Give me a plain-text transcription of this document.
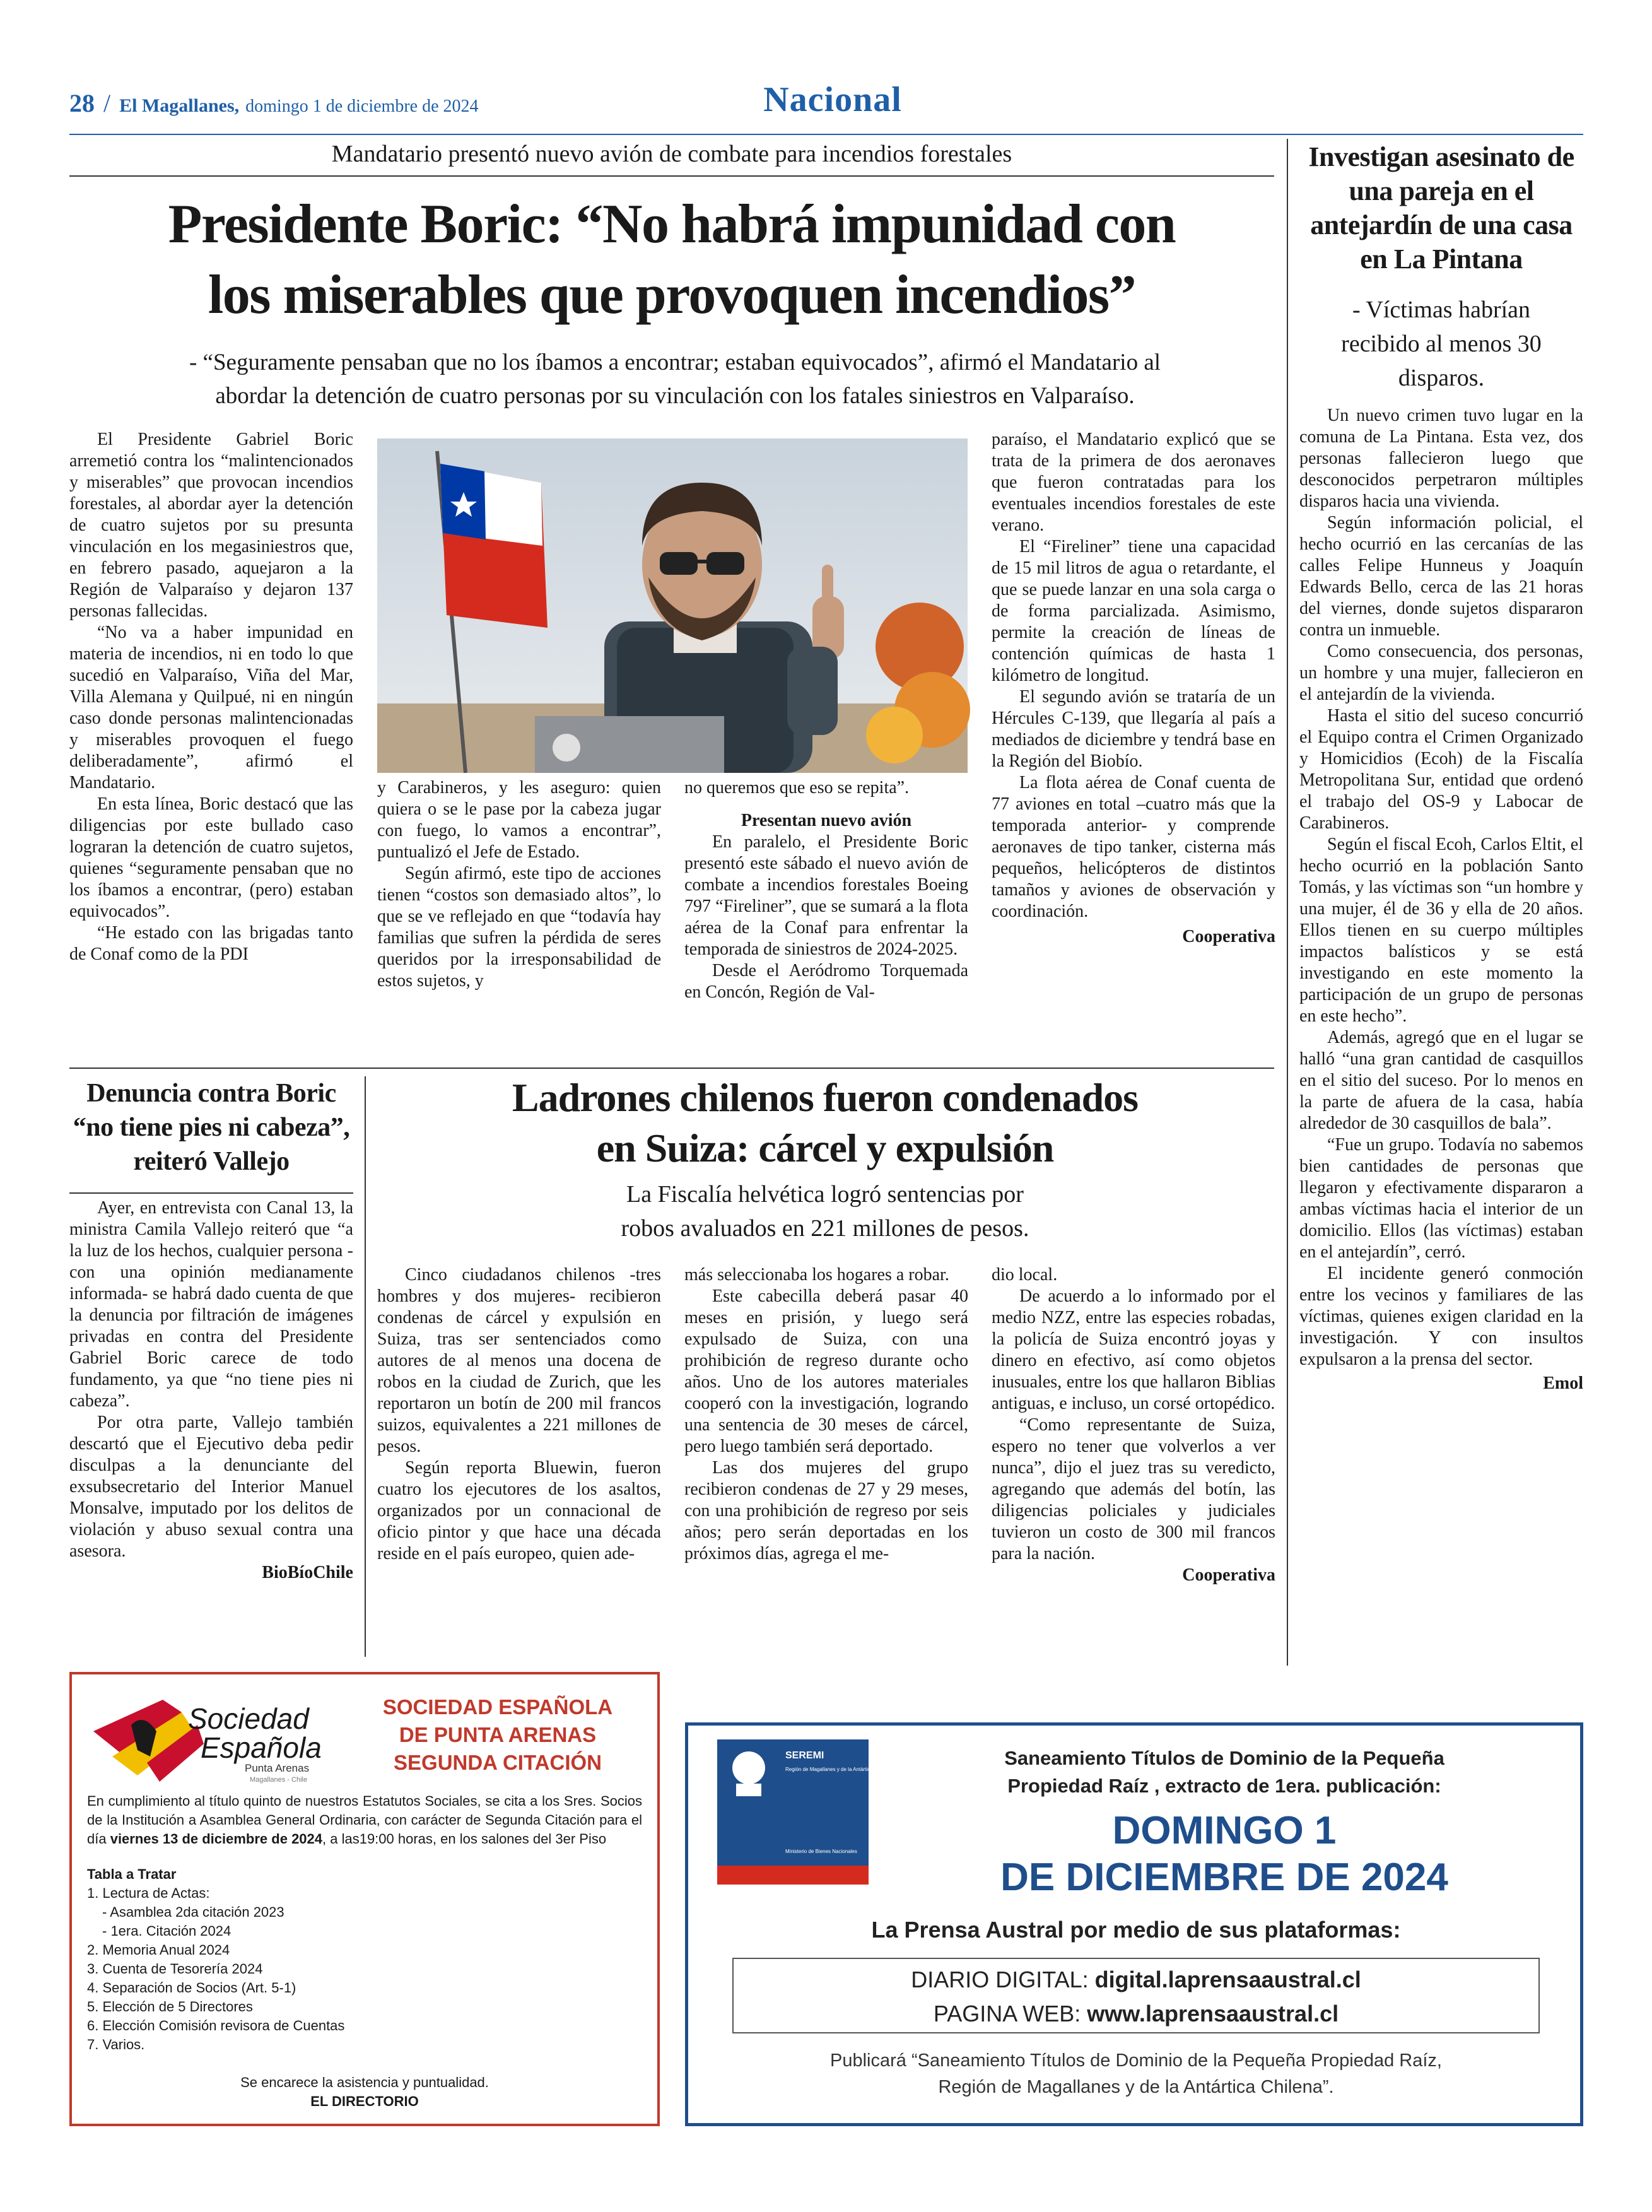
28 / El Magallanes, domingo 1 de diciembre de 2024	Nacional
Mandatario presentó nuevo avión de combate para incendios forestales
Presidente Boric: “No habrá impunidad con
los miserables que provoquen incendios”
- “Seguramente pensaban que no los íbamos a encontrar; estaban equivocados”, afirmó el Mandatario al
abordar la detención de cuatro personas por su vinculación con los fatales siniestros en Valparaíso.

El Presidente Gabriel Boric arremetió contra los “malintencionados y miserables” que provocan incendios forestales, al abordar ayer la detención de cuatro sujetos por su presunta vinculación en los megasiniestros que, en febrero pasado, aquejaron a la Región de Valparaíso y dejaron 137 personas fallecidas.

“No va a haber impunidad en materia de incendios, ni en todo lo que sucedió en Valparaíso, Viña del Mar, Villa Alemana y Quilpué, ni en ningún caso donde personas malintencionadas y miserables provoquen el fuego deliberadamente”, afirmó el Mandatario.

En esta línea, Boric destacó que las diligencias por este bullado caso lograran la detención de cuatro sujetos, quienes “seguramente pensaban que no los íbamos a encontrar, (pero) estaban equivocados”.

“He estado con las brigadas tanto de Conaf como de la PDI

y Carabineros, y les aseguro: quien quiera o se le pase por la cabeza jugar con fuego, lo vamos a encontrar”, puntualizó el Jefe de Estado.

Según afirmó, este tipo de acciones tienen “costos son demasiado altos”, lo que se ve reflejado en que “todavía hay familias que sufren la pérdida de seres queridos por la irresponsabilidad de estos sujetos, y

no queremos que eso se repita”.

Presentan nuevo avión

En paralelo, el Presidente Boric presentó este sábado el nuevo avión de combate a incendios forestales Boeing 797 “Fireliner”, que se sumará a la flota aérea de la Conaf para enfrentar la temporada de siniestros de 2024-2025.

Desde el Aeródromo Torquemada en Concón, Región de Val-

paraíso, el Mandatario explicó que se trata de la primera de dos aeronaves que fueron contratadas para los eventuales incendios forestales de este verano.

El “Fireliner” tiene una capacidad de 15 mil litros de agua o retardante, el que se puede lanzar en una sola carga o de forma parcializada. Asimismo, permite la creación de líneas de contención químicas de hasta 1 kilómetro de longitud.

El segundo avión se trataría de un Hércules C-139, que llegaría al país a mediados de diciembre y tendrá base en la Región del Biobío.

La flota aérea de Conaf cuenta de 77 aviones en total –cuatro más que la temporada anterior- y comprende aeronaves de tipo tanker, cisterna más pequeños, helicópteros de distintos tamaños y aviones de observación y coordinación.

Cooperativa

Investigan asesinato de una pareja en el antejardín de una casa en La Pintana
- Víctimas habrían recibido al menos 30 disparos.

Un nuevo crimen tuvo lugar en la comuna de La Pintana. Esta vez, dos personas fallecieron luego que desconocidos perpetraron múltiples disparos hacia una vivienda.

Según información policial, el hecho ocurrió en las cercanías de las calles Felipe Hunneus y Joaquín Edwards Bello, cerca de las 21 horas del viernes, donde sujetos dispararon contra un inmueble.

Como consecuencia, dos personas, un hombre y una mujer, fallecieron en el antejardín de la vivienda.

Hasta el sitio del suceso concurrió el Equipo contra el Crimen Organizado y Homicidios (Ecoh) de la Fiscalía Metropolitana Sur, entidad que ordenó el trabajo del OS-9 y Labocar de Carabineros.

Según el fiscal Ecoh, Carlos Eltit, el hecho ocurrió en la población Santo Tomás, y las víctimas son “un hombre y una mujer, él de 36 y ella de 20 años. Ellos tienen en su cuerpo múltiples impactos balísticos y se está investigando en este momento la participación de un grupo de personas en este hecho”.

Además, agregó que en el lugar se halló “una gran cantidad de casquillos en el sitio del suceso. Por lo menos en la parte de afuera de la casa, había alrededor de 30 casquillos de bala”.

“Fue un grupo. Todavía no sabemos bien cantidades de personas que llegaron y efectivamente dispararon a ambas víctimas hacia el interior de un domicilio. Ellos (las víctimas) estaban en el antejardín”, cerró.

El incidente generó conmoción entre los vecinos y familiares de las víctimas, quienes exigen claridad en la investigación. Y con insultos expulsaron a la prensa del sector.

Emol

Denuncia contra Boric “no tiene pies ni cabeza”, reiteró Vallejo

Ayer, en entrevista con Canal 13, la ministra Camila Vallejo reiteró que “a la luz de los hechos, cualquier persona -con una opinión medianamente informada- se habrá dado cuenta de que la denuncia por filtración de imágenes privadas en contra del Presidente Gabriel Boric carece de todo fundamento, ya que “no tiene pies ni cabeza”.

Por otra parte, Vallejo también descartó que el Ejecutivo deba pedir disculpas a la denunciante del exsubsecretario del Interior Manuel Monsalve, imputado por los delitos de violación y abuso sexual contra una asesora.

BioBíoChile

Ladrones chilenos fueron condenados
en Suiza: cárcel y expulsión
La Fiscalía helvética logró sentencias por
robos avaluados en 221 millones de pesos.

Cinco ciudadanos chilenos -tres hombres y dos mujeres- recibieron condenas de cárcel y expulsión en Suiza, tras ser sentenciados como autores de al menos una docena de robos en la ciudad de Zurich, que les reportaron un botín de 200 mil francos suizos, equivalentes a 221 millones de pesos.

Según reporta Bluewin, fueron cuatro los ejecutores de los asaltos, organizados por un connacional de oficio pintor y que hace una década reside en el país europeo, quien ade-

más seleccionaba los hogares a robar.

Este cabecilla deberá pasar 40 meses en prisión, y luego será expulsado de Suiza, con una prohibición de regreso durante ocho años. Uno de los autores materiales cooperó con la investigación, logrando una sentencia de 30 meses de cárcel, pero luego también será deportado.

Las dos mujeres del grupo recibieron condenas de 27 y 29 meses, con una prohibición de regreso por seis años; pero serán deportadas en los próximos días, agrega el me-

dio local.

De acuerdo a lo informado por el medio NZZ, entre las especies robadas, la policía de Suiza encontró joyas y dinero en efectivo, así como objetos inusuales, entre los que hallaron Biblias antiguas, e incluso, un corsé ortopédico.

“Como representante de Suiza, espero no tener que volverlos a ver nunca”, dijo el juez tras su veredicto, agregando que además del botín, las diligencias policiales y judiciales tuvieron un costo de 300 mil francos para la nación.

Cooperativa

Sociedad
Española
Punta Arenas
Magallanes - Chile
SOCIEDAD ESPAÑOLA
DE PUNTA ARENAS
SEGUNDA CITACIÓN
En cumplimiento al título quinto de nuestros Estatutos Sociales, se cita a los Sres. Socios de la Institución a Asamblea General Ordinaria, con carácter de Segunda Citación para el día viernes 13 de diciembre de 2024, a las19:00 horas, en los salones del 3er Piso
Tabla a Tratar
1. Lectura de Actas:
- Asamblea 2da citación 2023
- 1era. Citación 2024
2. Memoria Anual 2024
3. Cuenta de Tesorería 2024
4. Separación de Socios (Art. 5-1)
5. Elección de 5 Directores
6. Elección Comisión revisora de Cuentas
7. Varios.
Se encarece la asistencia y puntualidad.
EL DIRECTORIO
SEREMI
Región de Magallanes y de la Antártica Chilena
Ministerio de Bienes Nacionales
Saneamiento Títulos de Dominio de la Pequeña
Propiedad Raíz , extracto de 1era. publicación:
DOMINGO 1
DE DICIEMBRE DE 2024
La Prensa Austral por medio de sus plataformas:
DIARIO DIGITAL: digital.laprensaaustral.cl
PAGINA WEB: www.laprensaaustral.cl
Publicará “Saneamiento Títulos de Dominio de la Pequeña Propiedad Raíz,
Región de Magallanes y de la Antártica Chilena”.
